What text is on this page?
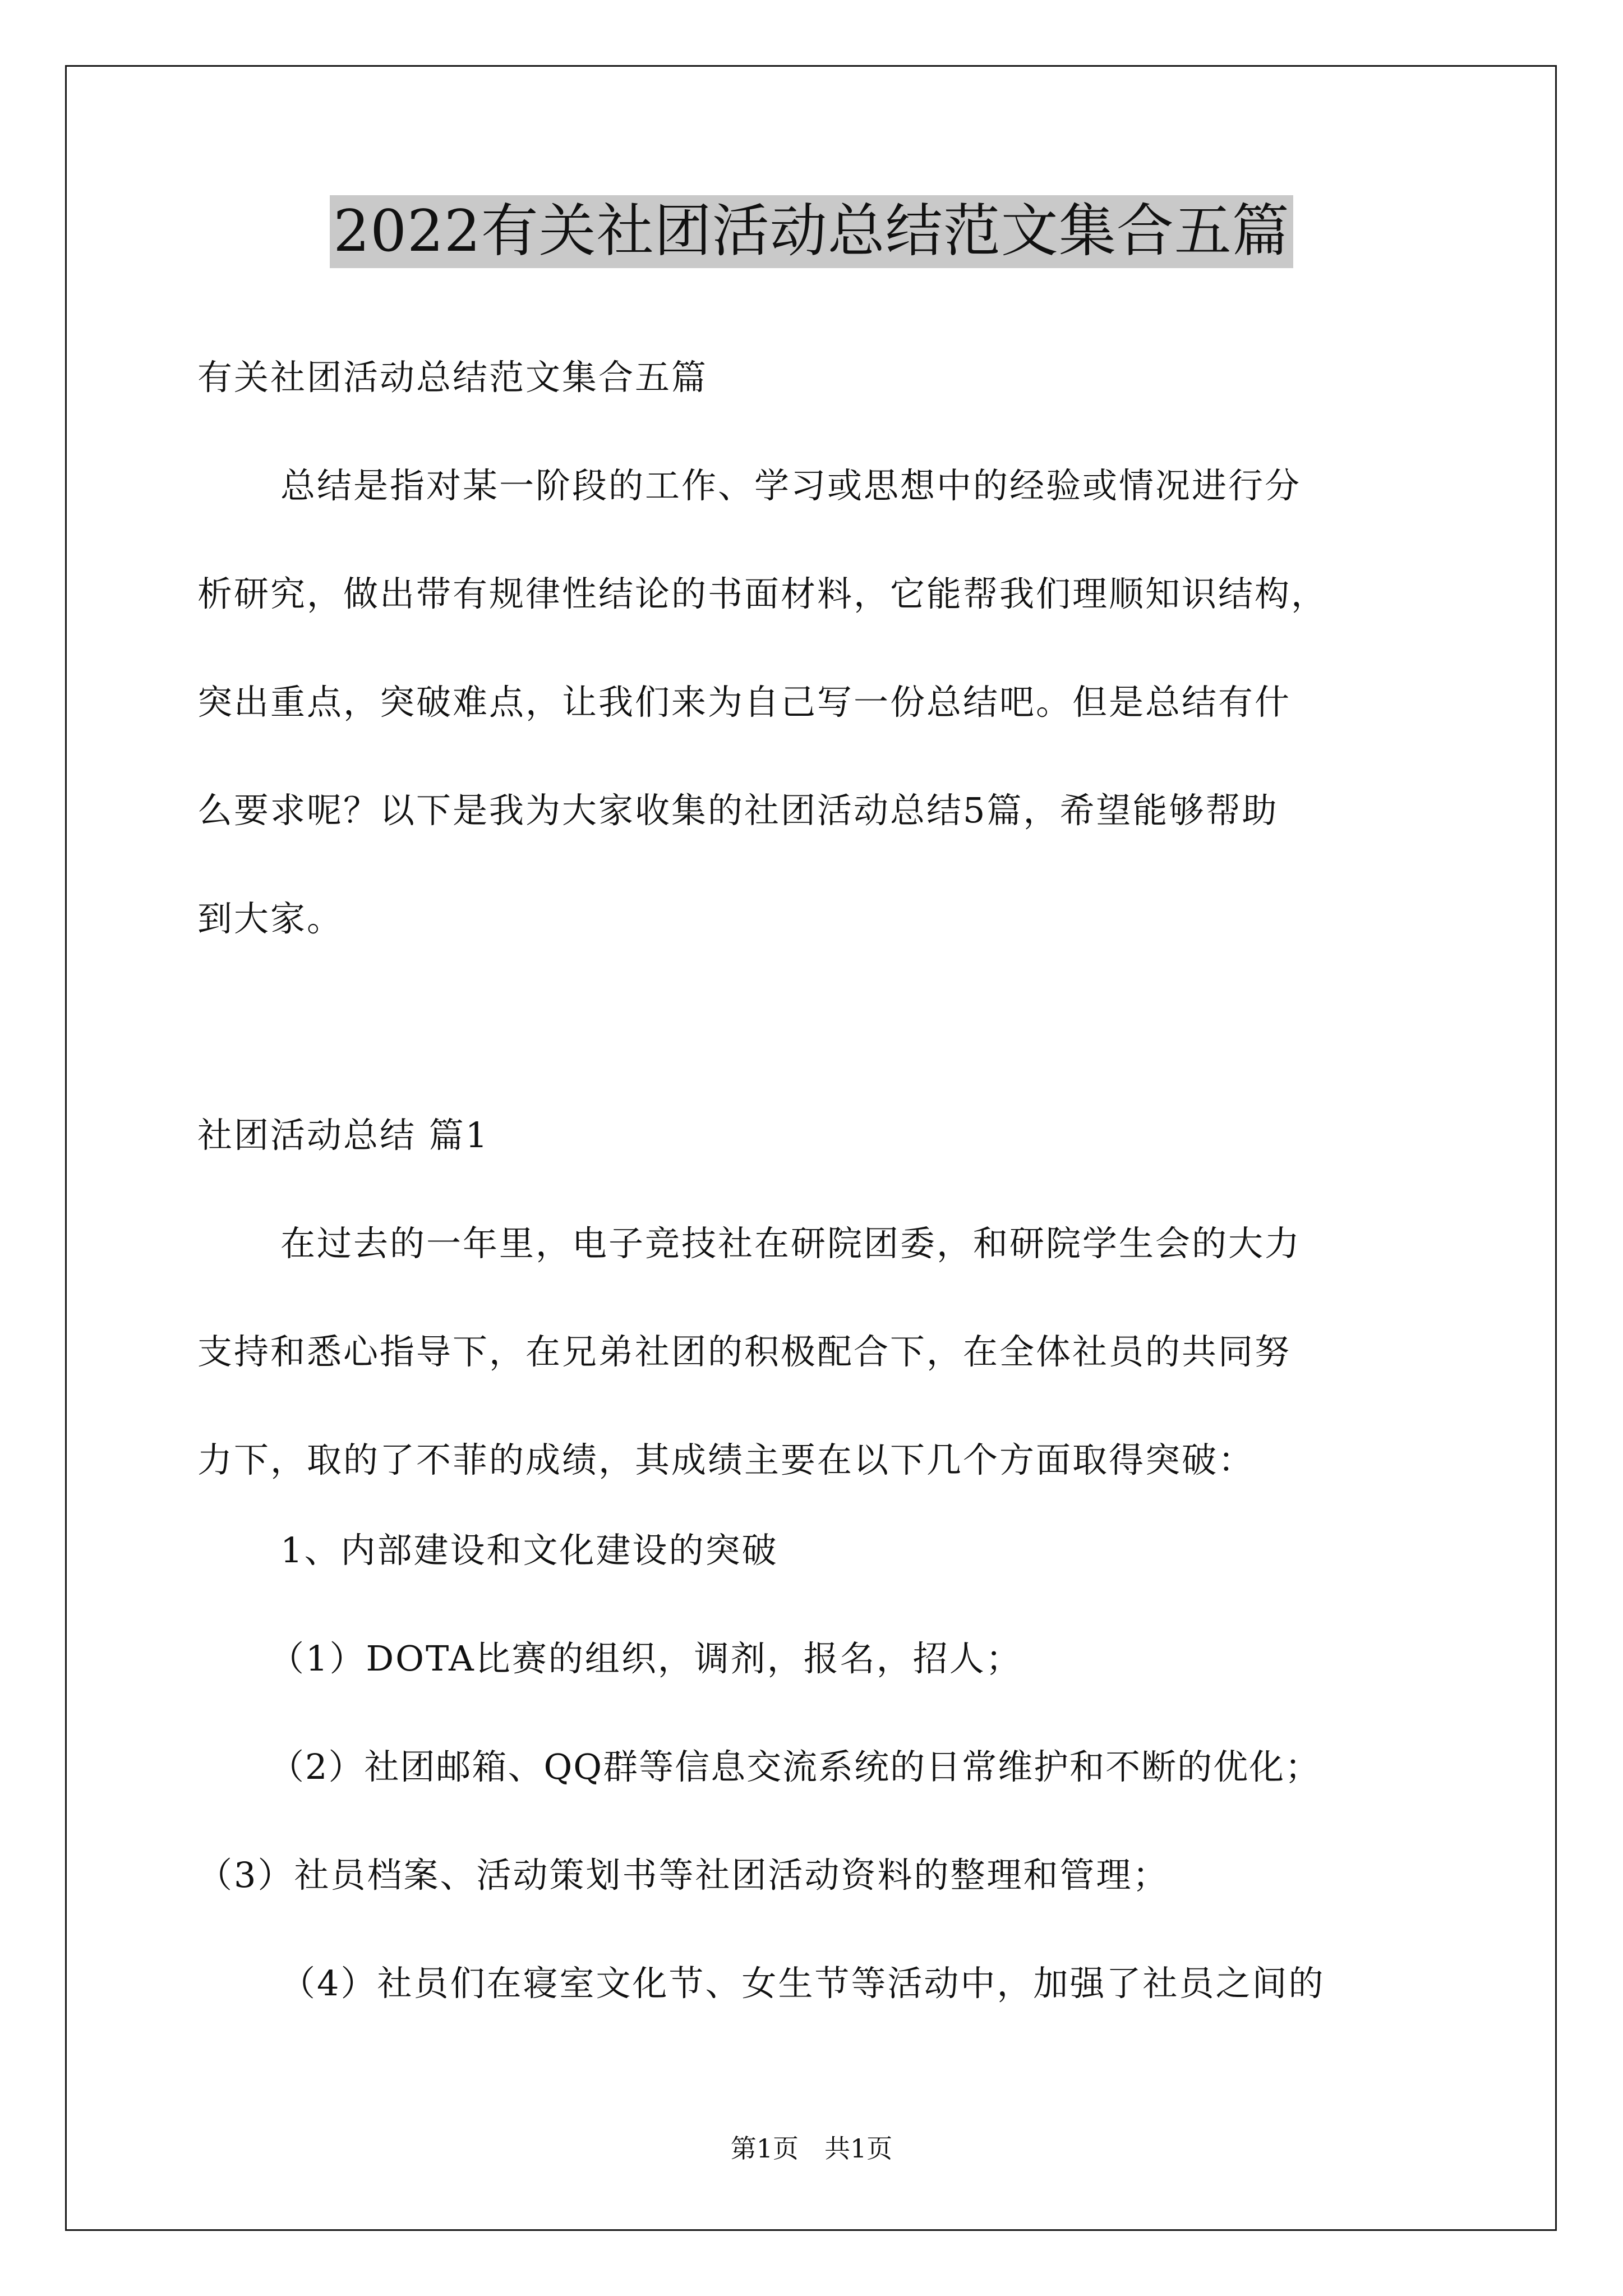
2022有关社团活动总结范文集合五篇

有关社团活动总结范文集合五篇

总结是指对某一阶段的工作、学习或思想中的经验或情况进行分

析研究，做出带有规律性结论的书面材料，它能帮我们理顺知识结构，

突出重点，突破难点，让我们来为自己写一份总结吧。但是总结有什

么要求呢？以下是我为大家收集的社团活动总结5篇，希望能够帮助

到大家。

社团活动总结 篇1

在过去的一年里，电子竞技社在研院团委，和研院学生会的大力

支持和悉心指导下，在兄弟社团的积极配合下，在全体社员的共同努

力下，取的了不菲的成绩，其成绩主要在以下几个方面取得突破：

1、内部建设和文化建设的突破

（1）DOTA比赛的组织，调剂，报名，招人；

（2）社团邮箱、QQ群等信息交流系统的日常维护和不断的优化；

（3）社员档案、活动策划书等社团活动资料的整理和管理；

（4）社员们在寝室文化节、女生节等活动中，加强了社员之间的

第1页　共1页
